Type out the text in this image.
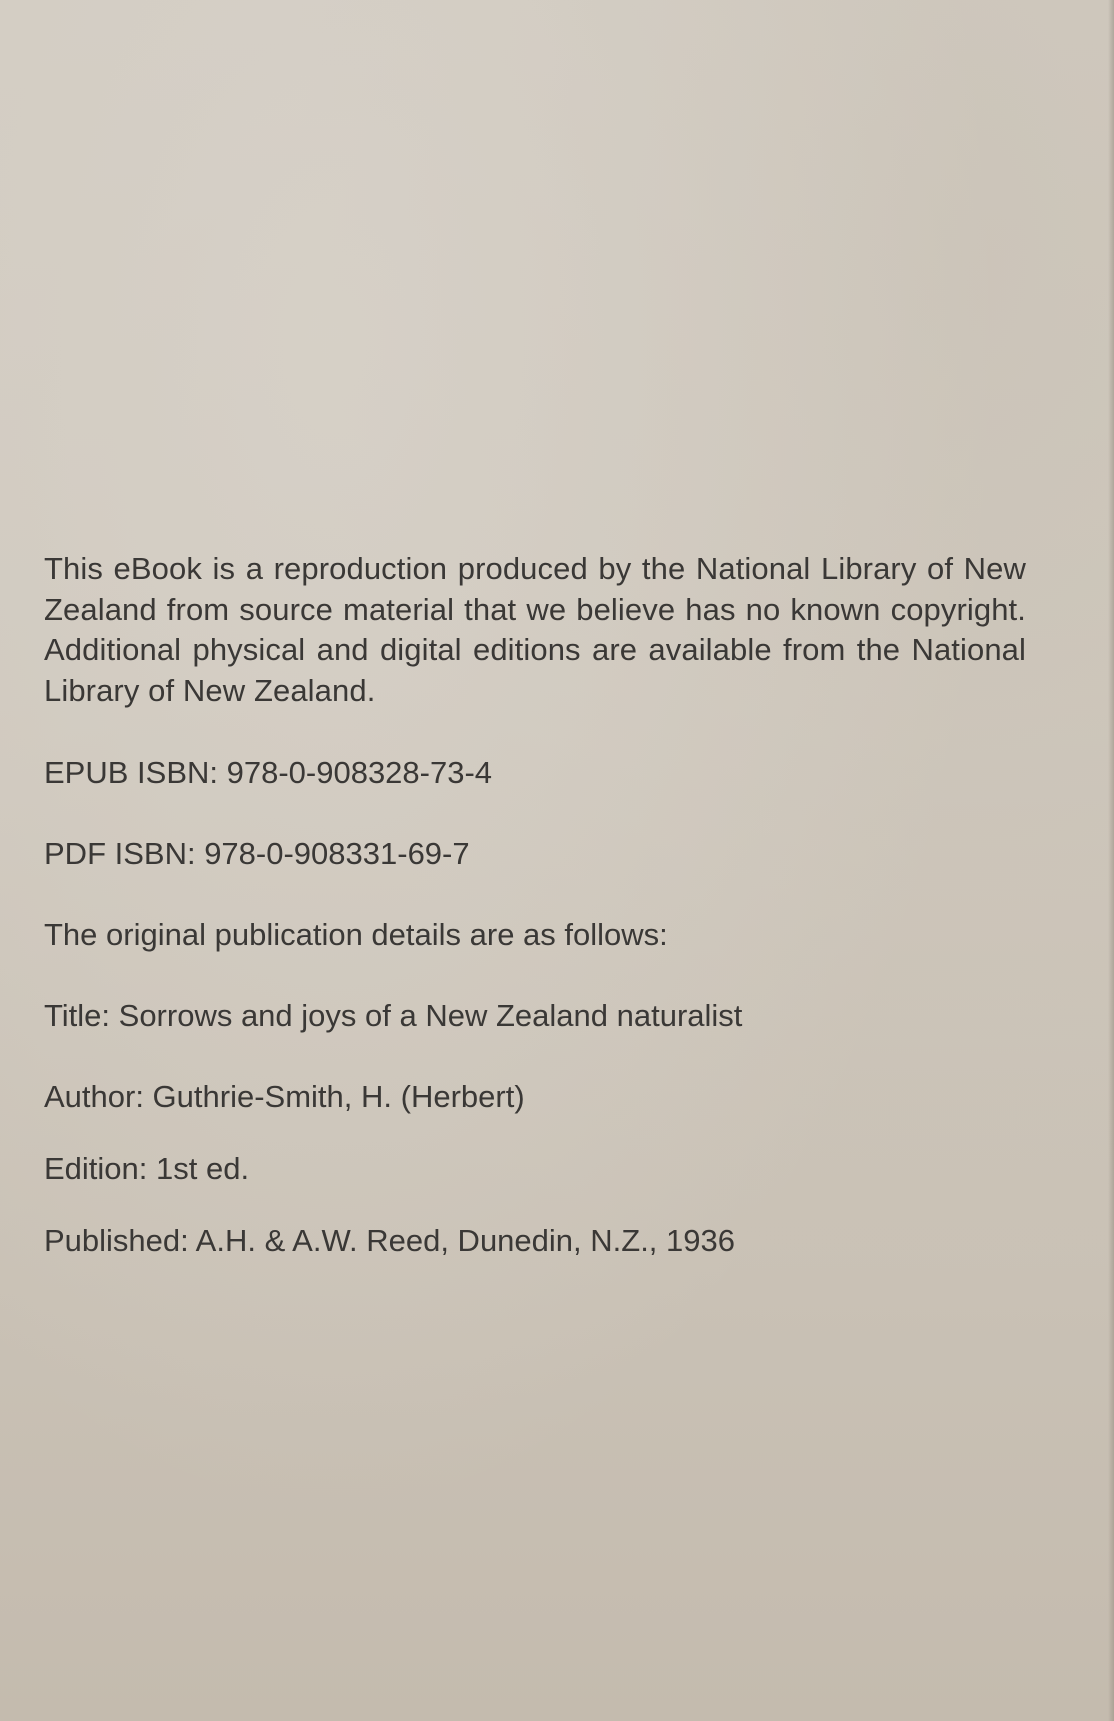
This eBook is a reproduction produced by the National Library of New Zealand from source material that we believe has no known copyright. Additional physical and digital editions are available from the National Library of New Zealand.

EPUB ISBN: 978-0-908328-73-4

PDF ISBN: 978-0-908331-69-7

The original publication details are as follows:

Title: Sorrows and joys of a New Zealand naturalist

Author: Guthrie-Smith, H. (Herbert)

Edition: 1st ed.

Published: A.H. & A.W. Reed, Dunedin, N.Z., 1936
